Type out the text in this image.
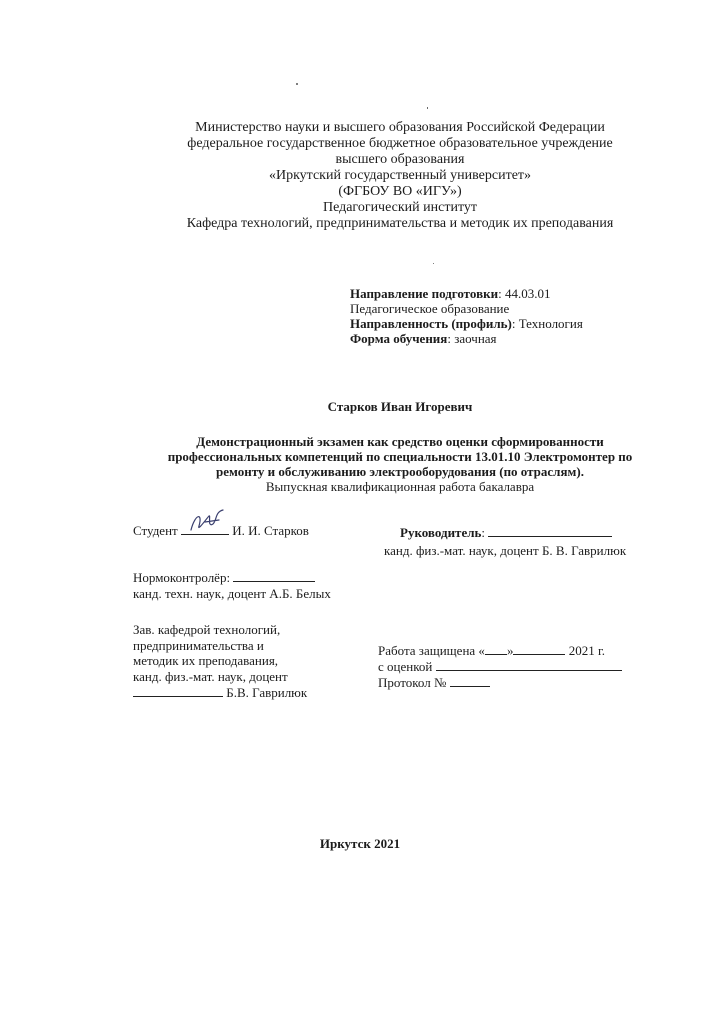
Министерство науки и высшего образования Российской Федерации
федеральное государственное бюджетное образовательное учреждение
высшего образования
«Иркутский государственный университет»
(ФГБОУ ВО «ИГУ»)
Педагогический институт
Кафедра технологий, предпринимательства и методик их преподавания
Направление подготовки: 44.03.01
Педагогическое образование
Направленность (профиль): Технология
Форма обучения: заочная
Старков Иван Игоревич
Демонстрационный экзамен как средство оценки сформированности
профессиональных компетенций по специальности 13.01.10 Электромонтер по
ремонту и обслуживанию электрооборудования (по отраслям).
Выпускная квалификационная работа бакалавра
Студент	И. И. Старков	Руководитель:
канд. физ.-мат. наук, доцент Б. В. Гаврилюк
Нормоконтролёр:
канд. техн. наук, доцент А.Б. Белых
Зав. кафедрой технологий,
предпринимательства и
методик их преподавания,
канд. физ.-мат. наук, доцент
Б.В. Гаврилюк
Работа защищена « »	2021 г.
с оценкой
Протокол №
Иркутск 2021
